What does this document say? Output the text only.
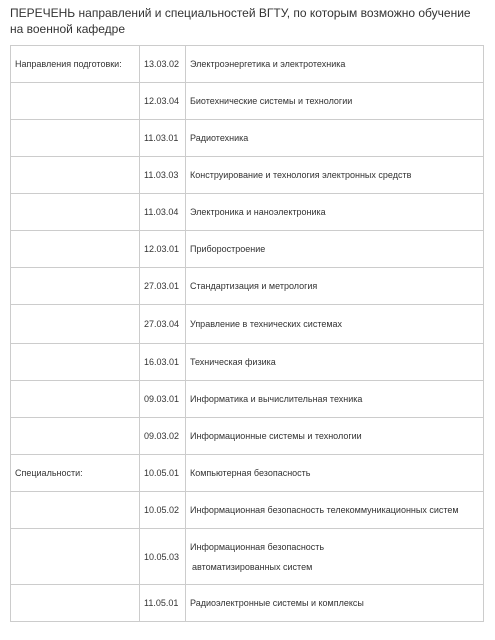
ПЕРЕЧЕНЬ направлений и специальностей ВГТУ, по которым возможно обучение на военной кафедре
Направления подготовки:	13.03.02	Электроэнергетика и электротехника
	12.03.04	Биотехнические системы и технологии
	11.03.01	Радиотехника
	11.03.03	Конструирование и технология электронных средств
	11.03.04	Электроника и наноэлектроника
	12.03.01	Приборостроение
	27.03.01	Стандартизация и метрология
	27.03.04	Управление в технических системах
	16.03.01	Техническая физика
	09.03.01	Информатика и вычислительная техника
	09.03.02	Информационные системы и технологии
Специальности:	10.05.01	Компьютерная безопасность
	10.05.02	Информационная безопасность телекоммуникационных систем
	10.05.03	Информационная безопасность
автоматизированных систем

	11.05.01	Радиоэлектронные системы и комплексы
